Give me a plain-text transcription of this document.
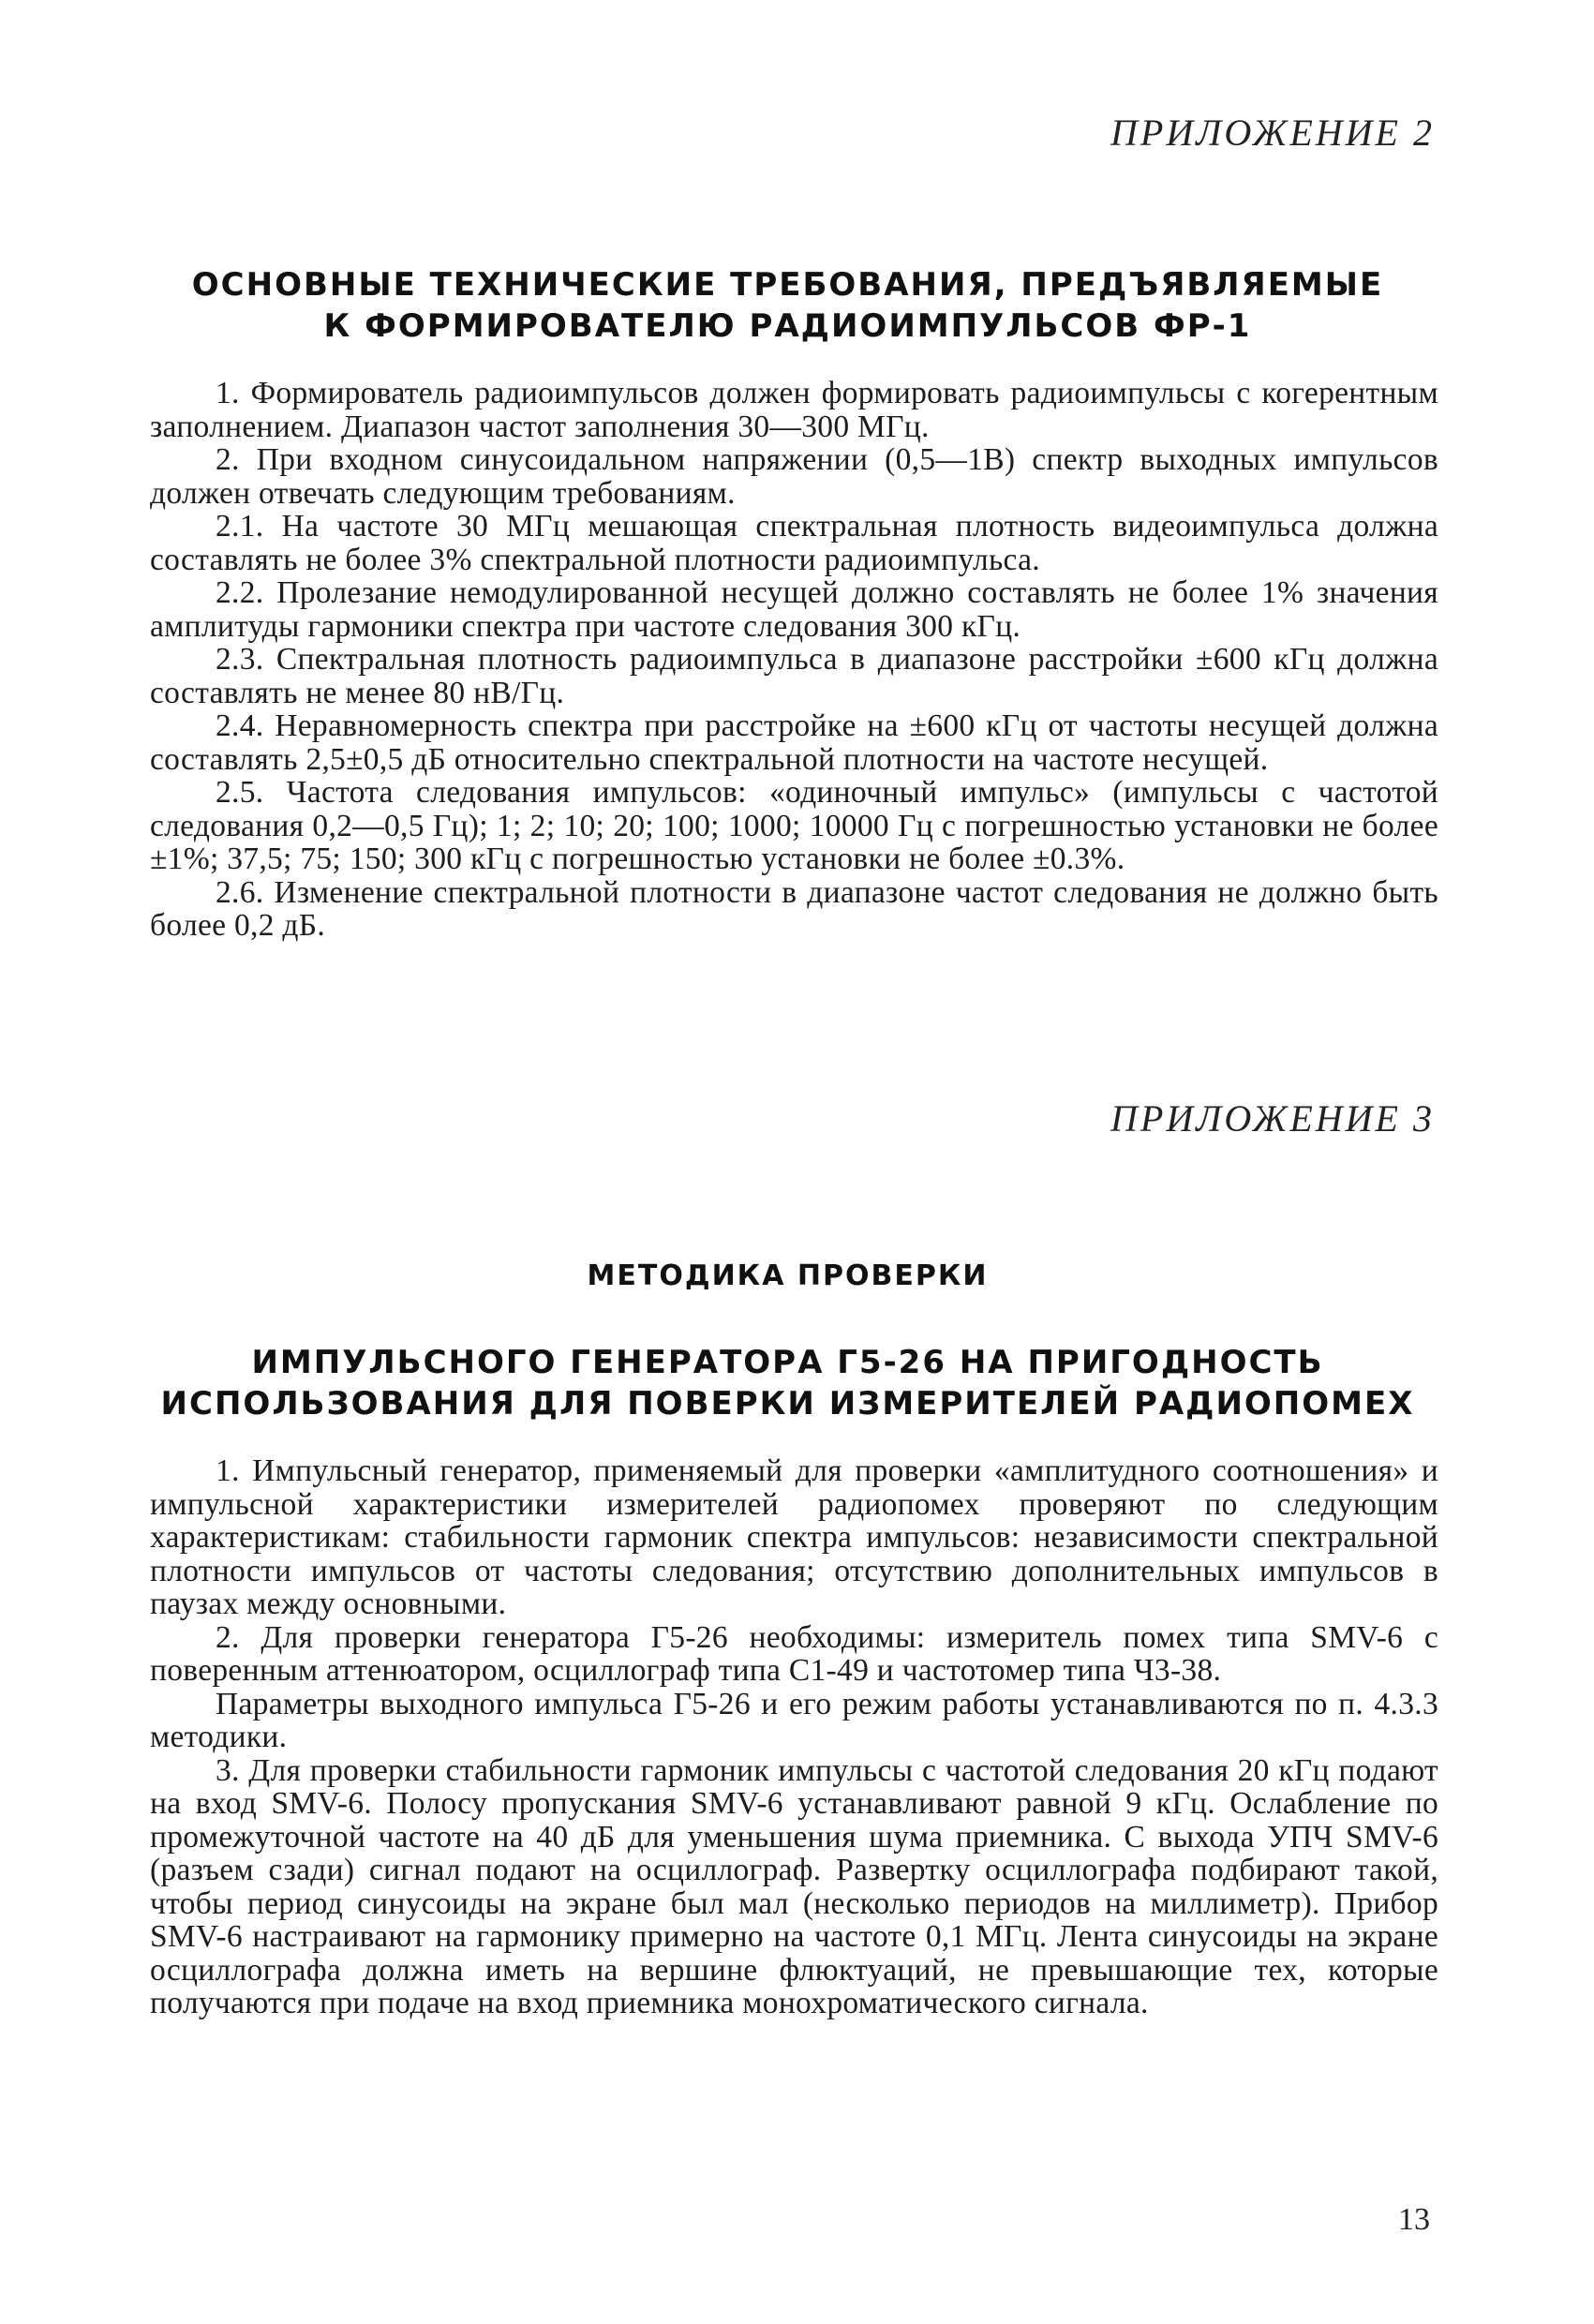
ПРИЛОЖЕНИЕ 2
ОСНОВНЫЕ ТЕХНИЧЕСКИЕ ТРЕБОВАНИЯ, ПРЕДЪЯВЛЯЕМЫЕ
К ФОРМИРОВАТЕЛЮ РАДИОИМПУЛЬСОВ ФР-1

1. Формирователь радиоимпульсов должен формировать радиоимпульсы с когерентным заполнением. Диапазон частот заполнения 30—300 МГц.

2. При входном синусоидальном напряжении (0,5—1В) спектр выходных импульсов должен отвечать следующим требованиям.

2.1. На частоте 30 МГц мешающая спектральная плотность видеоимпульса должна составлять не более 3% спектральной плотности радиоимпульса.

2.2. Пролезание немодулированной несущей должно составлять не более 1% значения амплитуды гармоники спектра при частоте следования 300 кГц.

2.3. Спектральная плотность радиоимпульса в диапазоне расстройки ±600 кГц должна составлять не менее 80 нВ/Гц.

2.4. Неравномерность спектра при расстройке на ±600 кГц от частоты несущей должна составлять 2,5±0,5 дБ относительно спектральной плотности на частоте несущей.

2.5. Частота следования импульсов: «одиночный импульс» (импульсы с частотой следования 0,2—0,5 Гц); 1; 2; 10; 20; 100; 1000; 10000 Гц с погрешностью установки не более ±1%; 37,5; 75; 150; 300 кГц с погрешностью установки не более ±0.3%.

2.6. Изменение спектральной плотности в диапазоне частот следования не должно быть более 0,2 дБ.

ПРИЛОЖЕНИЕ 3
МЕТОДИКА ПРОВЕРКИ
ИМПУЛЬСНОГО ГЕНЕРАТОРА Г5-26 НА ПРИГОДНОСТЬ
ИСПОЛЬЗОВАНИЯ ДЛЯ ПОВЕРКИ ИЗМЕРИТЕЛЕЙ РАДИОПОМЕХ

1. Импульсный генератор, применяемый для проверки «амплитудного соотношения» и импульсной характеристики измерителей радиопомех проверяют по следующим характеристикам: стабильности гармоник спектра импульсов: независимости спектральной плотности импульсов от частоты следования; отсутствию дополнительных импульсов в паузах между основными.

2. Для проверки генератора Г5-26 необходимы: измеритель помех типа SMV-6 с поверенным аттенюатором, осциллограф типа С1-49 и частотомер типа Ч3-38.

Параметры выходного импульса Г5-26 и его режим работы устанавливаются по п. 4.3.3 методики.

3. Для проверки стабильности гармоник импульсы с частотой следования 20 кГц подают на вход SMV-6. Полосу пропускания SMV-6 устанавливают равной 9 кГц. Ослабление по промежуточной частоте на 40 дБ для уменьшения шума приемника. С выхода УПЧ SMV-6 (разъем сзади) сигнал подают на осциллограф. Развертку осциллографа подбирают такой, чтобы период синусоиды на экране был мал (несколько периодов на миллиметр). Прибор SMV-6 настраивают на гармонику примерно на частоте 0,1 МГц. Лента синусоиды на экране осциллографа должна иметь на вершине флюктуаций, не превышающие тех, которые получаются при подаче на вход приемника монохроматического сигнала.

13
